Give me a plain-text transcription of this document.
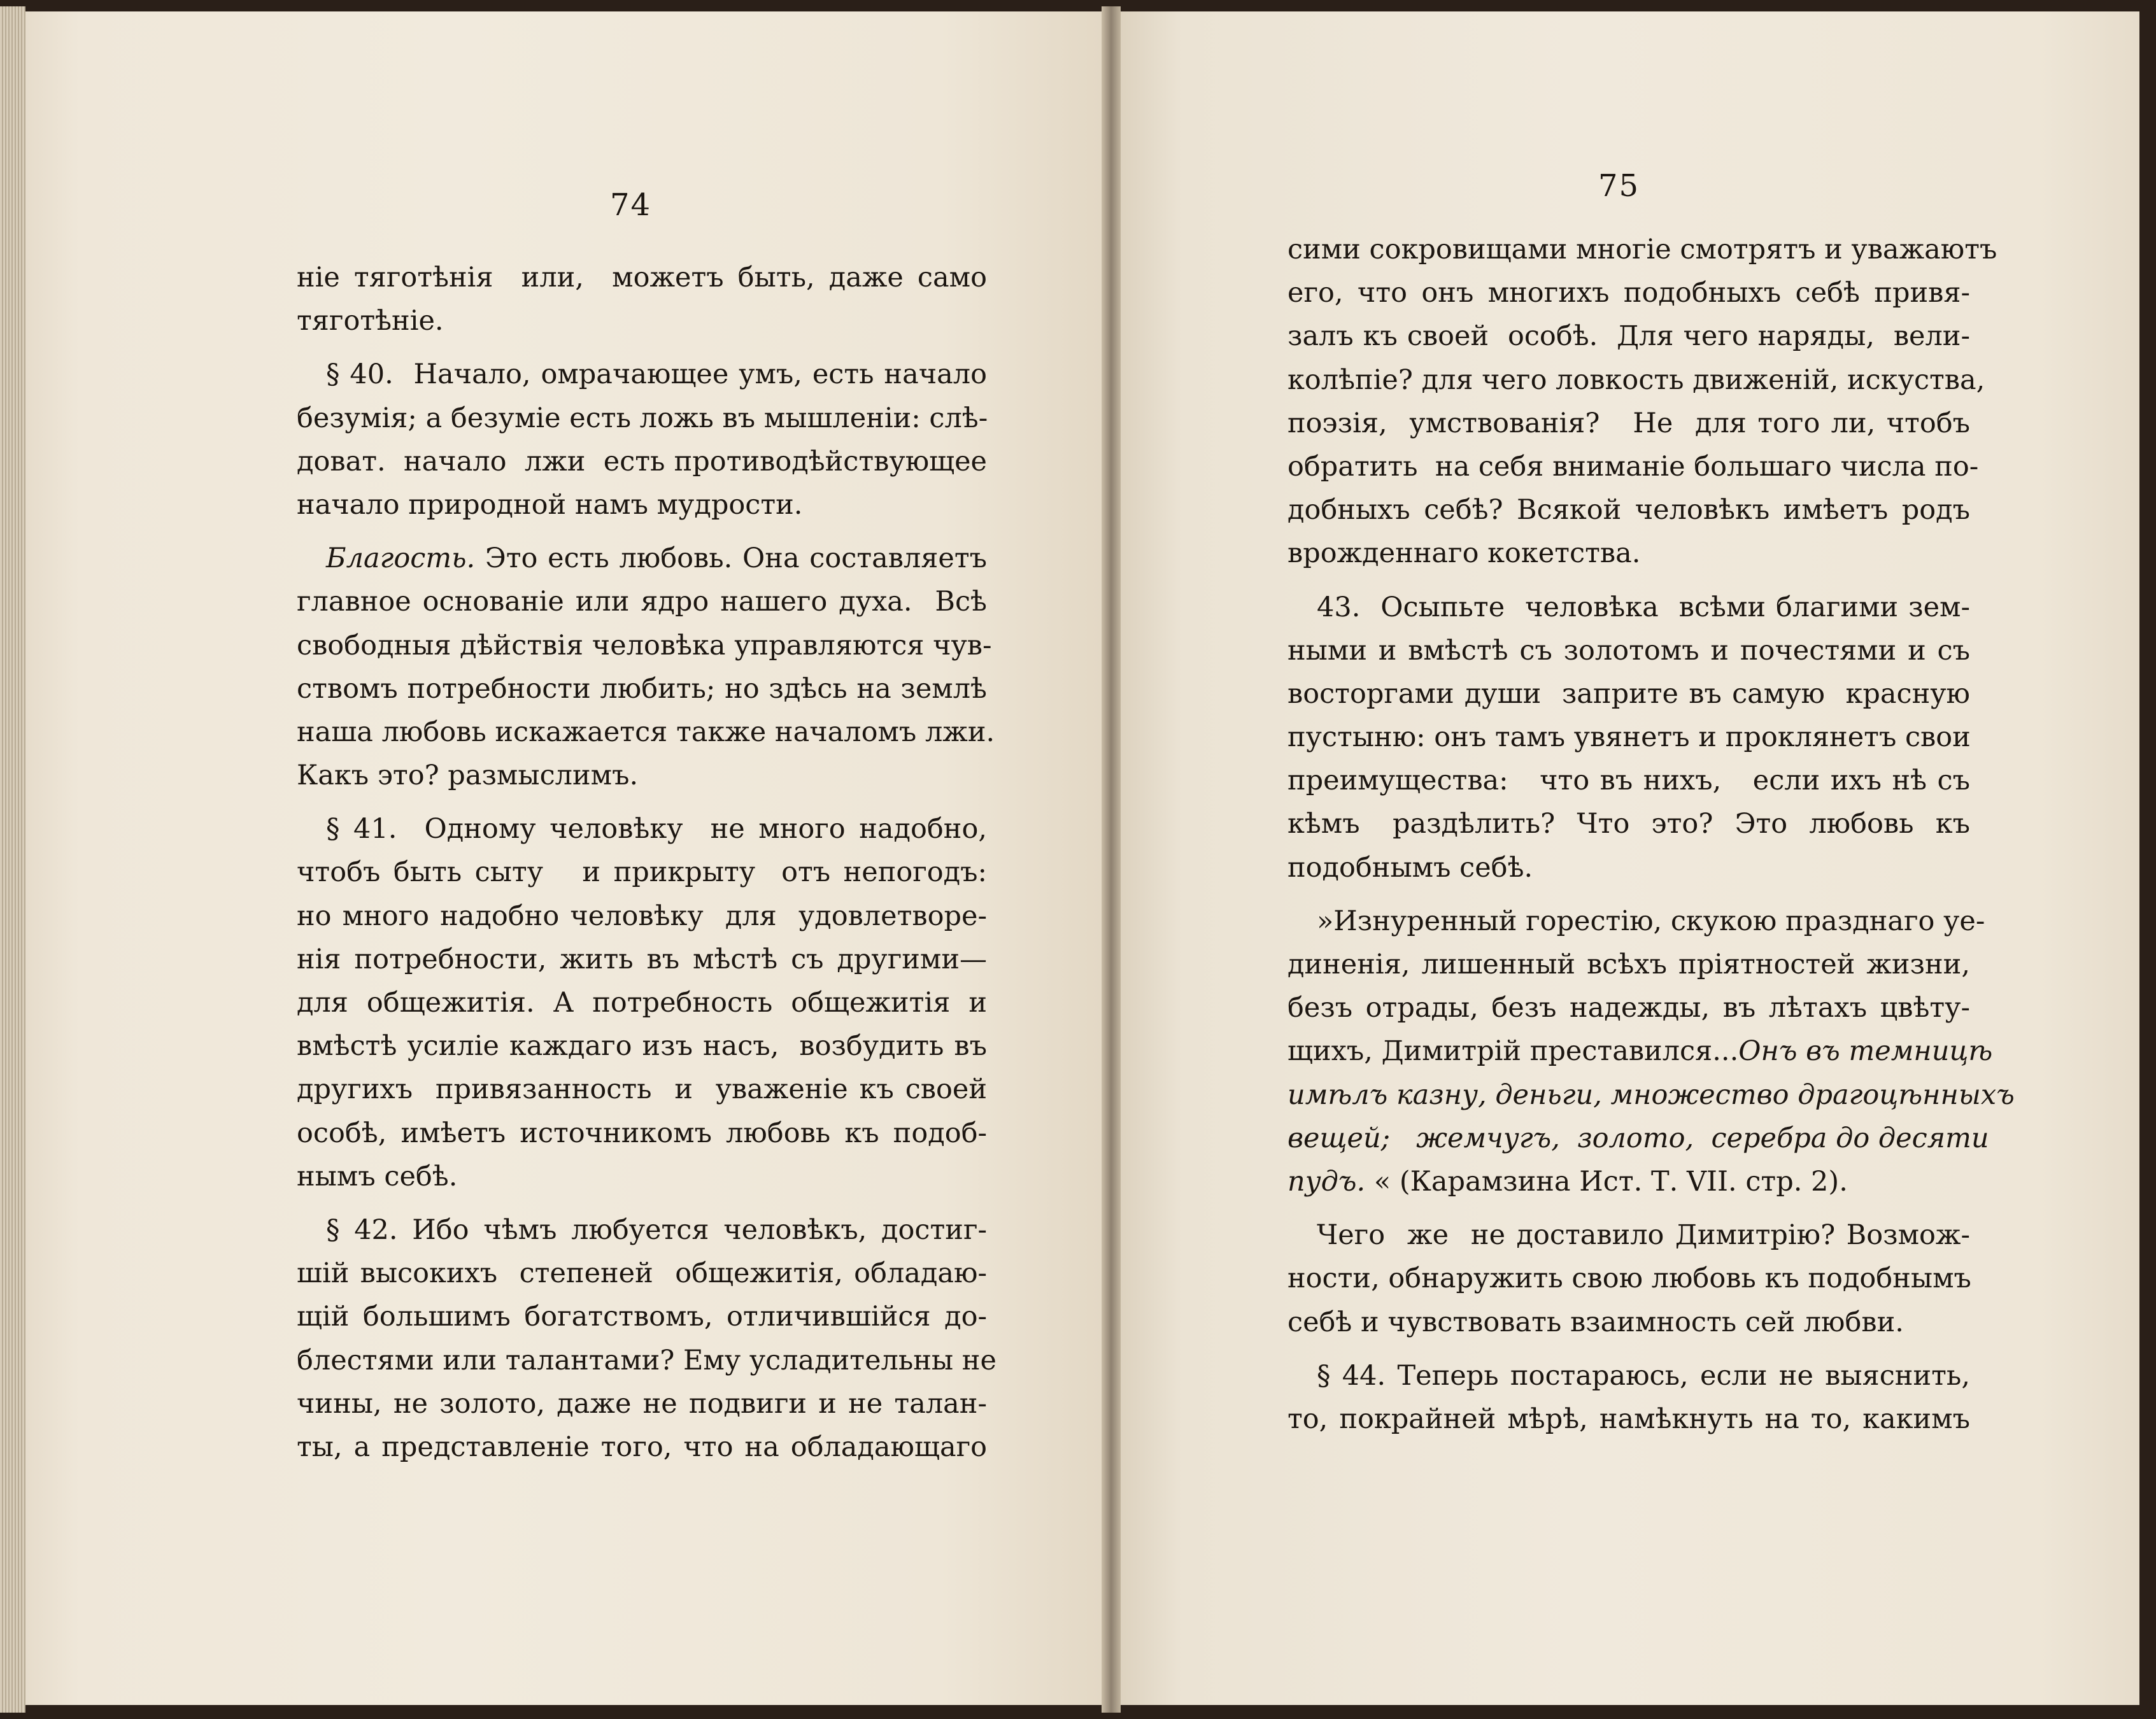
74
ніе тяготѣнія  или,  можетъ быть, даже само
тяготѣніе.
§ 40.  Начало, омрачающее умъ, есть начало
безумія; а безуміе есть ложь въ мышленіи: слѣ-
доват.  начало  лжи  есть противодѣйствующее
начало природной намъ мудрости.
Благость. Это есть любовь. Она составляетъ
главное основаніе или ядро нашего духа.  Всѣ
свободныя дѣйствія человѣка управляются чув-
ствомъ потребности любить; но здѣсь на землѣ
наша любовь искажается также началомъ лжи.
Какъ это? размыслимъ.
§ 41.  Одному человѣку  не много надобно,
чтобъ быть сыту   и прикрыту  отъ непогодъ:
но много надобно человѣку  для  удовлетворе-
нія потребности, жить въ мѣстѣ съ другими—
для  общежитія.  А  потребность  общежитія  и
вмѣстѣ усиліе каждаго изъ насъ,  возбудить въ
другихъ  привязанность  и  уваженіе къ своей
особѣ, имѣетъ источникомъ любовь къ подоб-
нымъ себѣ.
§ 42. Ибо чѣмъ любуется человѣкъ, достиг-
шій высокихъ  степеней  общежитія, обладаю-
щій большимъ богатствомъ, отличившійся до-
блестями или талантами? Ему усладительны не
чины, не золото, даже не подвиги и не талан-
ты, а представленіе того, что на обладающаго
75
сими сокровищами многіе смотрятъ и уважаютъ
его, что онъ многихъ подобныхъ себѣ привя-
залъ къ своей  особѣ.  Для чего наряды,  вели-
колѣпіе? для чего ловкость движеній, искуства,
поэзія,  умствованія?   Не  для того ли, чтобъ
обратить  на себя вниманіе большаго числа по-
добныхъ себѣ? Всякой человѣкъ имѣетъ родъ
врожденнаго кокетства.
43.  Осыпьте  человѣка  всѣми благими зем-
ными и вмѣстѣ съ золотомъ и почестями и съ
восторгами души  заприте въ самую  красную
пустыню: онъ тамъ увянетъ и проклянетъ свои
преимущества:   что въ нихъ,   если ихъ нѣ съ
кѣмъ   раздѣлить?  Что  это?  Это  любовь  къ
подобнымъ себѣ.
»Изнуренный горестію, скукою празднаго уе-
диненія, лишенный всѣхъ пріятностей жизни,
безъ отрады, безъ надежды, въ лѣтахъ цвѣту-
щихъ, Димитрій преставился...Онъ въ темницѣ
имѣлъ казну, деньги, множество драгоцѣнныхъ
вещей;   жемчугъ,  золото,  серебра до десяти
пудъ. « (Карамзина Ист. Т. VII. стр. 2).
Чего  же  не доставило Димитрію? Возмож-
ности, обнаружить свою любовь къ подобнымъ
себѣ и чувствовать взаимность сей любви.
§ 44. Теперь постараюсь, если не выяснить,
то, покрайней мѣрѣ, намѣкнуть на то, какимъ
